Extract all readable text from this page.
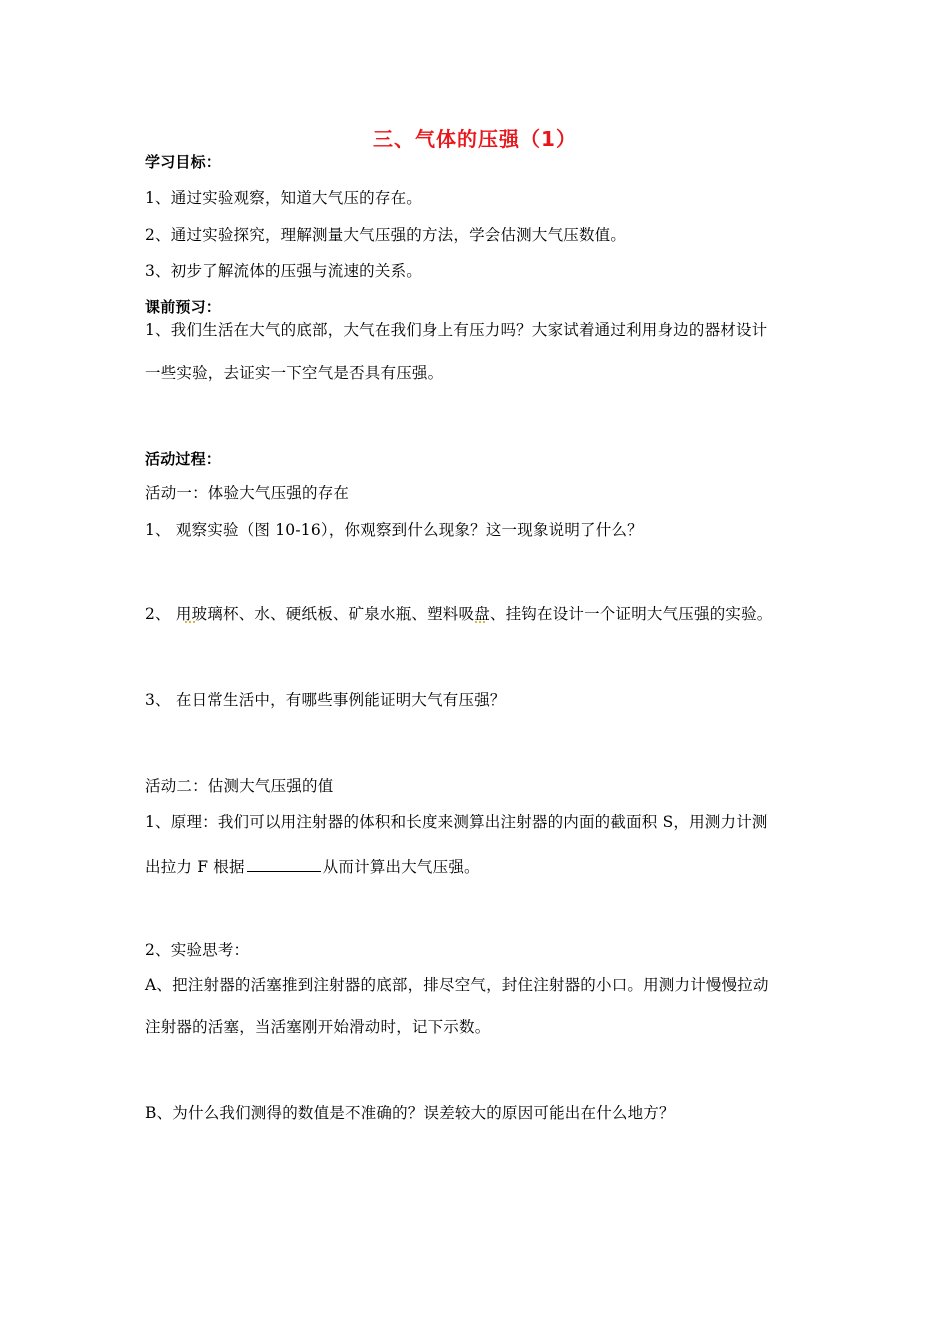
三、气体的压强（1）
学习目标：
1、通过实验观察，知道大气压的存在。
2、通过实验探究，理解测量大气压强的方法，学会估测大气压数值。
3、初步了解流体的压强与流速的关系。
课前预习：
1、我们生活在大气的底部，大气在我们身上有压力吗？大家试着通过利用身边的器材设计
一些实验，去证实一下空气是否具有压强。
活动过程：
活动一：体验大气压强的存在
1、 观察实验（图 10-16），你观察到什么现象？这一现象说明了什么？
2、 用玻璃杯、水、硬纸板、矿泉水瓶、塑料吸盘、挂钩在设计一个证明大气压强的实验。
3、 在日常生活中，有哪些事例能证明大气有压强？
活动二：估测大气压强的值
1、原理：我们可以用注射器的体积和长度来测算出注射器的内面的截面积 S，用测力计测
出拉力 F 根据	从而计算出大气压强。
2、实验思考：
A、把注射器的活塞推到注射器的底部，排尽空气，封住注射器的小口。用测力计慢慢拉动
注射器的活塞，当活塞刚开始滑动时，记下示数。
B、为什么我们测得的数值是不准确的？误差较大的原因可能出在什么地方？
